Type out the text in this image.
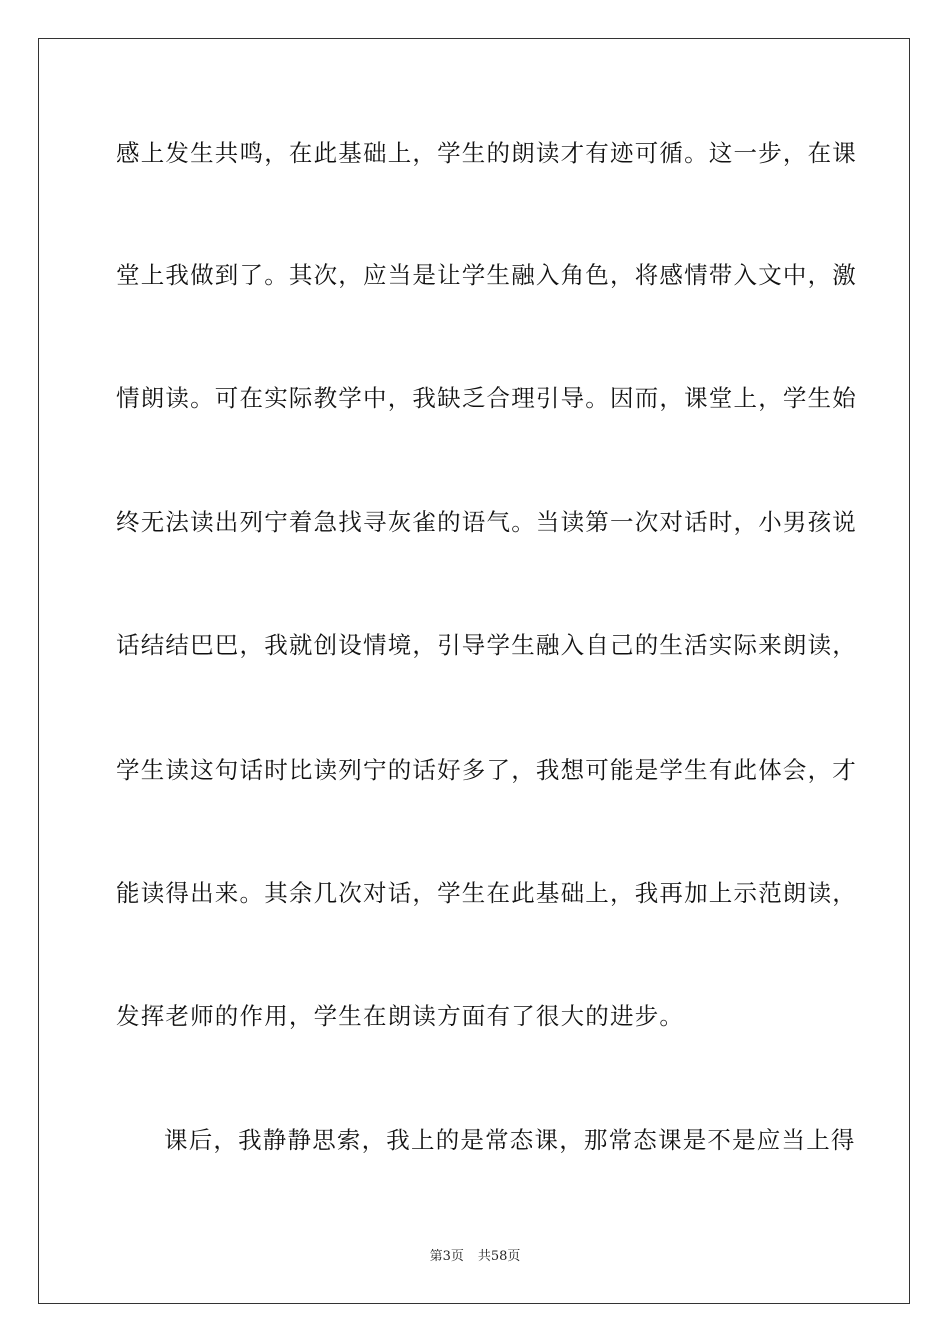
感上发生共鸣，在此基础上，学生的朗读才有迹可循。这一步，在课
堂上我做到了。其次，应当是让学生融入角色，将感情带入文中，激
情朗读。可在实际教学中，我缺乏合理引导。因而，课堂上，学生始
终无法读出列宁着急找寻灰雀的语气。当读第一次对话时，小男孩说
话结结巴巴，我就创设情境，引导学生融入自己的生活实际来朗读，
学生读这句话时比读列宁的话好多了，我想可能是学生有此体会，才
能读得出来。其余几次对话，学生在此基础上，我再加上示范朗读，
发挥老师的作用，学生在朗读方面有了很大的进步。
课后，我静静思索，我上的是常态课，那常态课是不是应当上得
第3页 共58页
